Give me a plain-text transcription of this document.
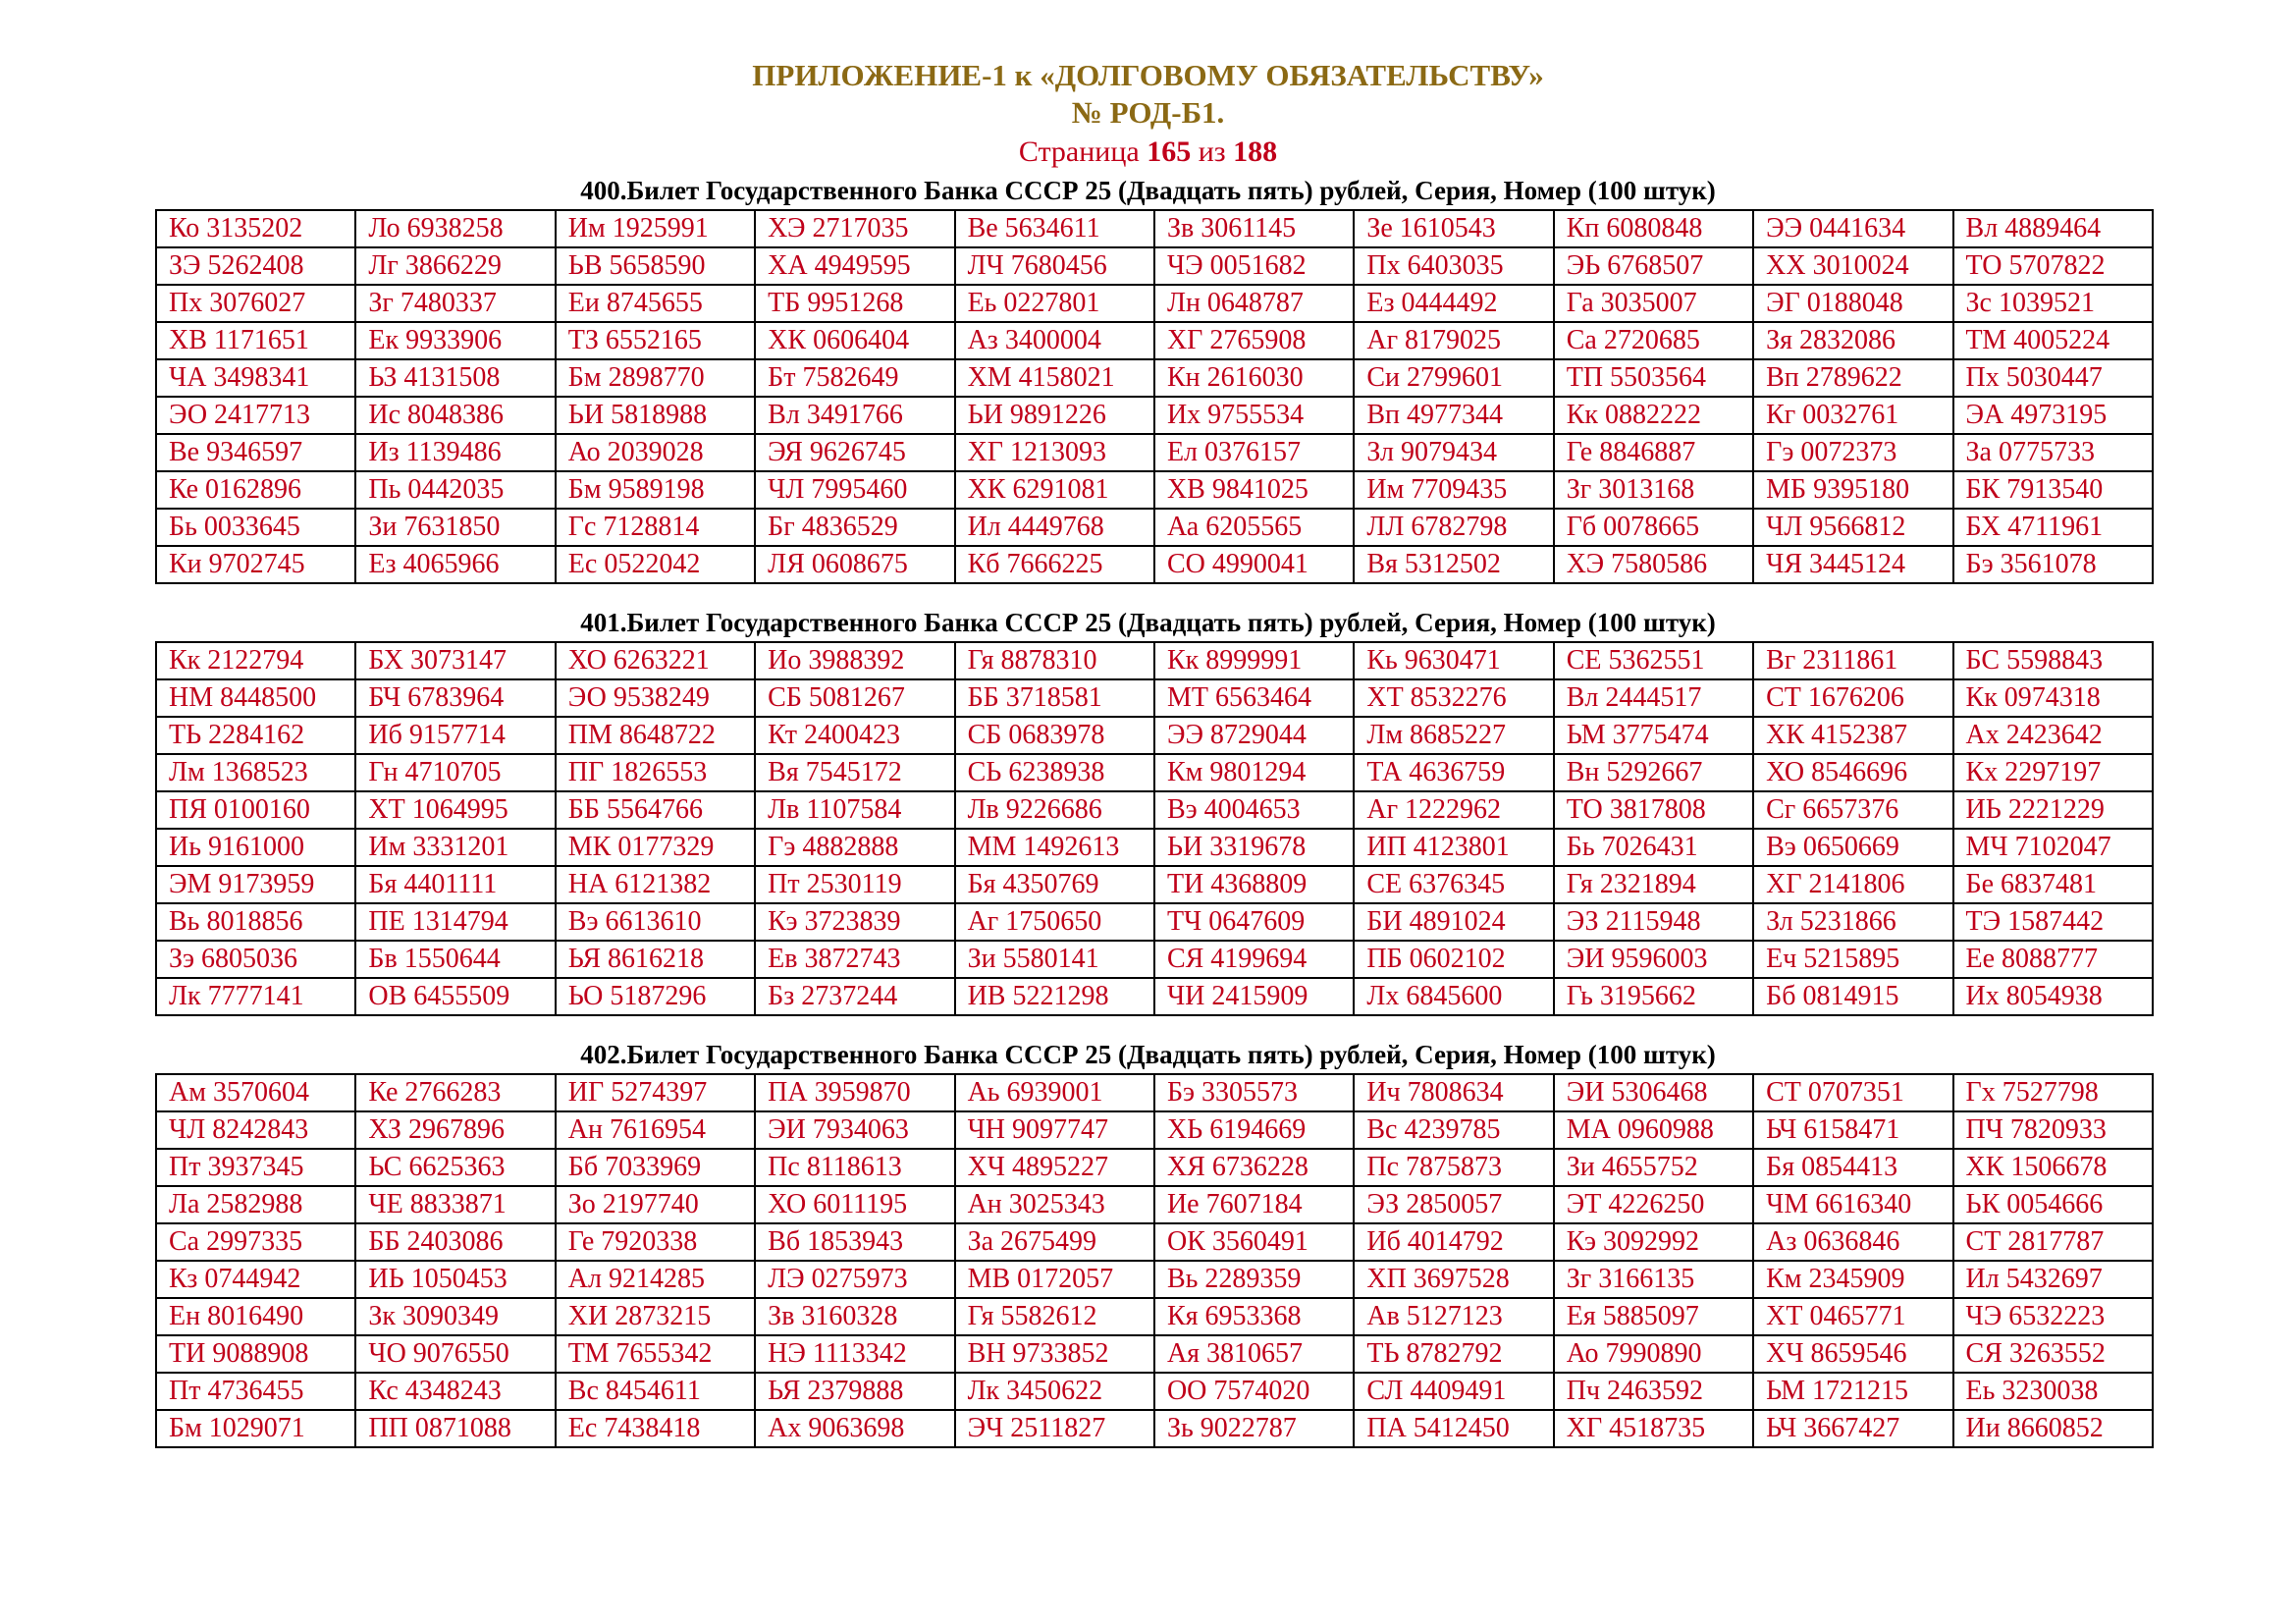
ПРИЛОЖЕНИЕ-1 к «ДОЛГОВОМУ ОБЯЗАТЕЛЬСТВУ»
№ РОД-Б1.
Страница 165 из 188
400.Билет Государственного Банка СССР 25 (Двадцать пять) рублей, Серия, Номер (100 штук)
Ко 3135202	Ло 6938258	Им 1925991	ХЭ 2717035	Ве 5634611	Зв 3061145	Зе 1610543	Кп 6080848	ЭЭ 0441634	Вл 4889464
ЗЭ 5262408	Лг 3866229	ЬВ 5658590	ХА 4949595	ЛЧ 7680456	ЧЭ 0051682	Пх 6403035	ЭЬ 6768507	ХХ 3010024	ТО 5707822
Пх 3076027	Зг 7480337	Еи 8745655	ТБ 9951268	Еь 0227801	Лн 0648787	Ез 0444492	Га 3035007	ЭГ 0188048	Зс 1039521
ХВ 1171651	Ек 9933906	ТЗ 6552165	ХК 0606404	Аз 3400004	ХГ 2765908	Аг 8179025	Са 2720685	Зя 2832086	ТМ 4005224
ЧА 3498341	ЬЗ 4131508	Бм 2898770	Бт 7582649	ХМ 4158021	Кн 2616030	Си 2799601	ТП 5503564	Вп 2789622	Пх 5030447
ЭО 2417713	Ис 8048386	ЬИ 5818988	Вл 3491766	ЬИ 9891226	Их 9755534	Вп 4977344	Кк 0882222	Кг 0032761	ЭА 4973195
Ве 9346597	Из 1139486	Ао 2039028	ЭЯ 9626745	ХГ 1213093	Ел 0376157	Зл 9079434	Ге 8846887	Гэ 0072373	За 0775733
Ке 0162896	Пь 0442035	Бм 9589198	ЧЛ 7995460	ХК 6291081	ХВ 9841025	Им 7709435	Зг 3013168	МБ 9395180	БК 7913540
Бь 0033645	Зи 7631850	Гс 7128814	Бг 4836529	Ил 4449768	Аа 6205565	ЛЛ 6782798	Гб 0078665	ЧЛ 9566812	БХ 4711961
Ки 9702745	Ез 4065966	Ес 0522042	ЛЯ 0608675	Кб 7666225	СО 4990041	Вя 5312502	ХЭ 7580586	ЧЯ 3445124	Бэ 3561078
401.Билет Государственного Банка СССР 25 (Двадцать пять) рублей, Серия, Номер (100 штук)
Кк 2122794	БХ 3073147	ХО 6263221	Ио 3988392	Гя 8878310	Кк 8999991	Кь 9630471	СЕ 5362551	Вг 2311861	БС 5598843
НМ 8448500	БЧ 6783964	ЭО 9538249	СБ 5081267	ББ 3718581	МТ 6563464	ХТ 8532276	Вл 2444517	СТ 1676206	Кк 0974318
ТЬ 2284162	Иб 9157714	ПМ 8648722	Кт 2400423	СБ 0683978	ЭЭ 8729044	Лм 8685227	ЬМ 3775474	ХК 4152387	Ах 2423642
Лм 1368523	Гн 4710705	ПГ 1826553	Вя 7545172	СЬ 6238938	Км 9801294	ТА 4636759	Вн 5292667	ХО 8546696	Кх 2297197
ПЯ 0100160	ХТ 1064995	ББ 5564766	Лв 1107584	Лв 9226686	Вэ 4004653	Аг 1222962	ТО 3817808	Сг 6657376	ИЬ 2221229
Иь 9161000	Им 3331201	МК 0177329	Гэ 4882888	ММ 1492613	ЬИ 3319678	ИП 4123801	Бь 7026431	Вэ 0650669	МЧ 7102047
ЭМ 9173959	Бя 4401111	НА 6121382	Пт 2530119	Бя 4350769	ТИ 4368809	СЕ 6376345	Гя 2321894	ХГ 2141806	Бе 6837481
Вь 8018856	ПЕ 1314794	Вэ 6613610	Кэ 3723839	Аг 1750650	ТЧ 0647609	БИ 4891024	ЭЗ 2115948	Зл 5231866	ТЭ 1587442
Зэ 6805036	Бв 1550644	ЬЯ 8616218	Ев 3872743	Зи 5580141	СЯ 4199694	ПБ 0602102	ЭИ 9596003	Еч 5215895	Ее 8088777
Лк 7777141	ОВ 6455509	ЬО 5187296	Бз 2737244	ИВ 5221298	ЧИ 2415909	Лх 6845600	Гь 3195662	Бб 0814915	Их 8054938
402.Билет Государственного Банка СССР 25 (Двадцать пять) рублей, Серия, Номер (100 штук)
Ам 3570604	Ке 2766283	ИГ 5274397	ПА 3959870	Аь 6939001	Бэ 3305573	Ич 7808634	ЭИ 5306468	СТ 0707351	Гх 7527798
ЧЛ 8242843	ХЗ 2967896	Ан 7616954	ЭИ 7934063	ЧН 9097747	ХЬ 6194669	Вс 4239785	МА 0960988	ЬЧ 6158471	ПЧ 7820933
Пт 3937345	ЬС 6625363	Бб 7033969	Пс 8118613	ХЧ 4895227	ХЯ 6736228	Пс 7875873	Зи 4655752	Бя 0854413	ХК 1506678
Ла 2582988	ЧЕ 8833871	Зо 2197740	ХО 6011195	Ан 3025343	Ие 7607184	ЭЗ 2850057	ЭТ 4226250	ЧМ 6616340	ЬК 0054666
Са 2997335	ББ 2403086	Ге 7920338	Вб 1853943	За 2675499	ОК 3560491	Иб 4014792	Кэ 3092992	Аз 0636846	СТ 2817787
Кз 0744942	ИЬ 1050453	Ал 9214285	ЛЭ 0275973	МВ 0172057	Вь 2289359	ХП 3697528	Зг 3166135	Км 2345909	Ил 5432697
Ен 8016490	Зк 3090349	ХИ 2873215	Зв 3160328	Гя 5582612	Кя 6953368	Ав 5127123	Ея 5885097	ХТ 0465771	ЧЭ 6532223
ТИ 9088908	ЧО 9076550	ТМ 7655342	НЭ 1113342	ВН 9733852	Ая 3810657	ТЬ 8782792	Ао 7990890	ХЧ 8659546	СЯ 3263552
Пт 4736455	Кс 4348243	Вс 8454611	ЬЯ 2379888	Лк 3450622	ОО 7574020	СЛ 4409491	Пч 2463592	ЬМ 1721215	Еь 3230038
Бм 1029071	ПП 0871088	Ес 7438418	Ах 9063698	ЭЧ 2511827	Зь 9022787	ПА 5412450	ХГ 4518735	ЬЧ 3667427	Ии 8660852
